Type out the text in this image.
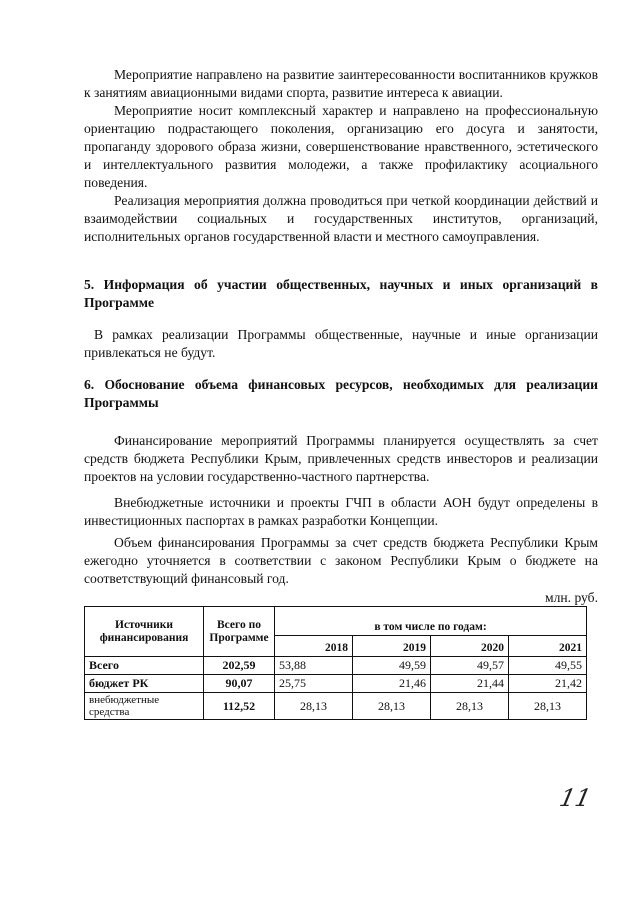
Мероприятие направлено на развитие заинтересованности воспитанников кружков к занятиям авиационными видами спорта, развитие интереса к авиации.

Мероприятие носит комплексный характер и направлено на профессиональную ориентацию подрастающего поколения, организацию его досуга и занятости, пропаганду здорового образа жизни, совершенствование нравственного, эстетического и интеллектуального развития молодежи, а также профилактику асоциального поведения.

Реализация мероприятия должна проводиться при четкой координации действий и взаимодействии социальных и государственных институтов, организаций, исполнительных органов государственной власти и местного самоуправления.

5. Информация об участии общественных, научных и иных организаций в Программе

В рамках реализации Программы общественные, научные и иные организации привлекаться не будут.

6. Обоснование объема финансовых ресурсов, необходимых для реализации Программы

Финансирование мероприятий Программы планируется осуществлять за счет средств бюджета Республики Крым, привлеченных средств инвесторов и реализации проектов на условии государственно-частного партнерства.

Внебюджетные источники и проекты ГЧП в области АОН будут определены в инвестиционных паспортах в рамках разработки Концепции.

Объем финансирования Программы за счет средств бюджета Республики Крым ежегодно уточняется в соответствии с законом Республики Крым о бюджете на соответствующий финансовый год.

млн. руб.
Источники финансирования	Всего по Программе	в том числе по годам:			
		2018	2019	2020	2021
Всего	202,59	53,88	49,59	49,57	49,55
бюджет РК	90,07	25,75	21,46	21,44	21,42
внебюджетные средства	112,52	28,13	28,13	28,13	28,13
11
